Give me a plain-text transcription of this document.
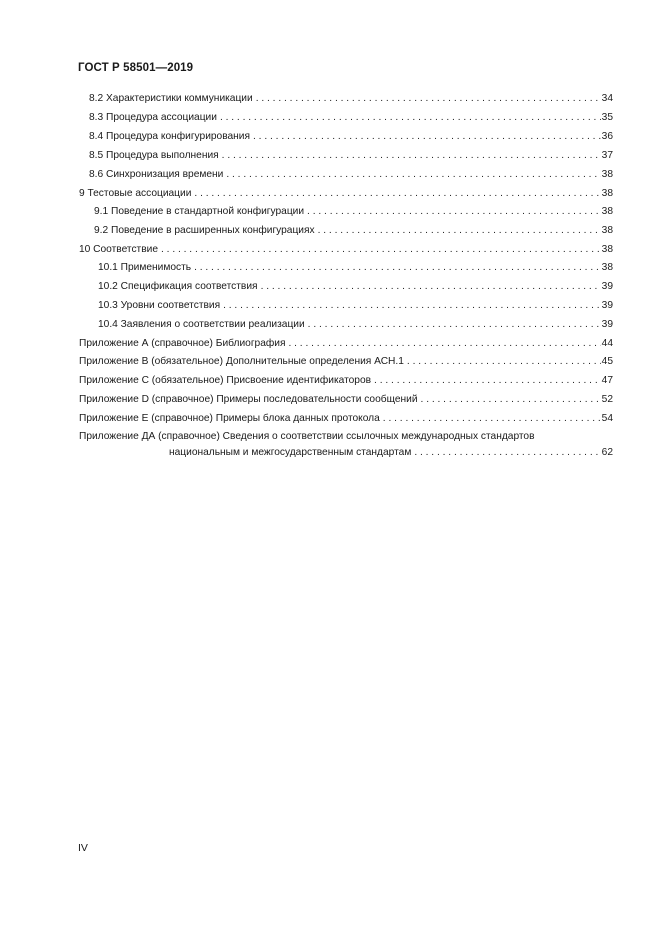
ГОСТ Р 58501—2019
8.2 Характеристики коммуникации . . .	34
8.3 Процедура ассоциации . . .	35
8.4 Процедура конфигурирования . . .	36
8.5 Процедура выполнения . . .	37
8.6 Синхронизация времени . . .	38
9 Тестовые ассоциации . . .	38
9.1 Поведение в стандартной конфигурации . . .	38
9.2 Поведение в расширенных конфигурациях . . .	38
10 Соответствие . . .	38
10.1 Применимость . . .	38
10.2 Спецификация соответствия . . .	39
10.3 Уровни соответствия . . .	39
10.4 Заявления о соответствии реализации . . .	39
Приложение А (справочное) Библиография . . .	44
Приложение В (обязательное) Дополнительные определения АСН.1 . . .	45
Приложение С (обязательное) Присвоение идентификаторов . . .	47
Приложение D (справочное) Примеры последовательности сообщений . . .	52
Приложение Е (справочное) Примеры блока данных протокола . . .	54
Приложение ДА (справочное) Сведения о соответствии ссылочных международных стандартов
национальным и межгосударственным стандартам . . .	62
IV
